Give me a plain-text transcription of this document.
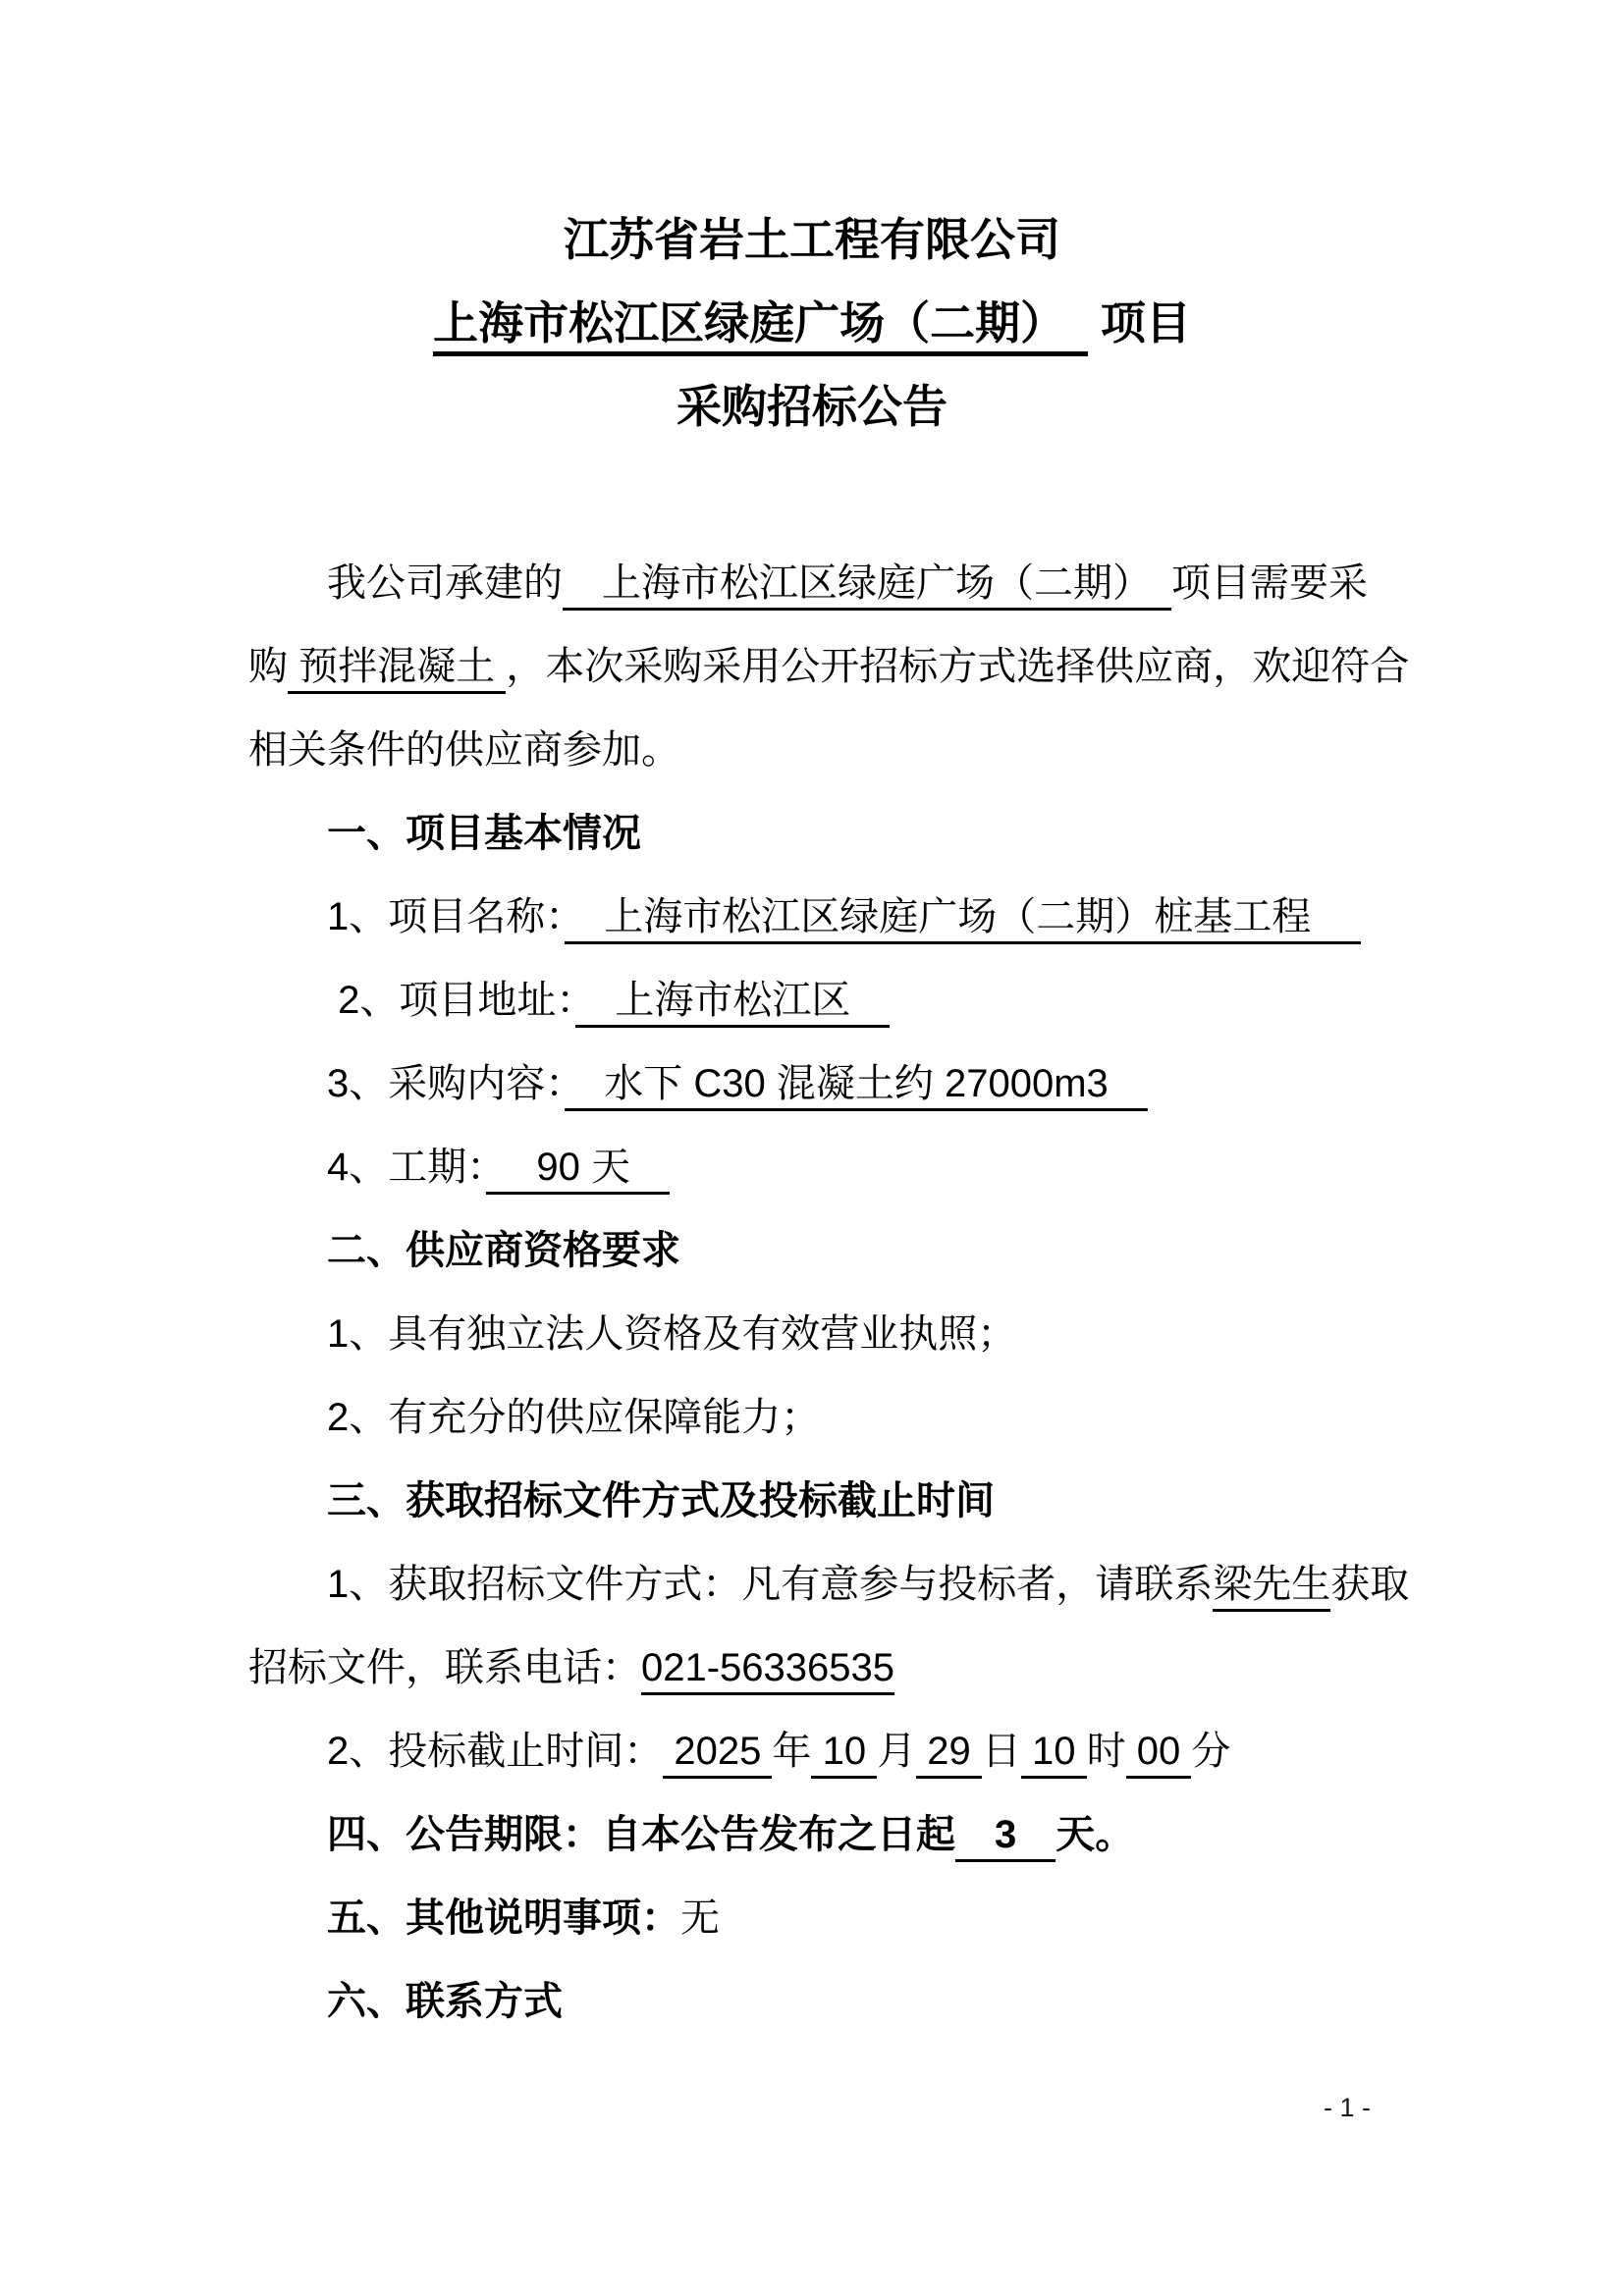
江苏省岩土工程有限公司
上海市松江区绿庭广场（二期）　 项目
采购招标公告
我公司承建的　上海市松江区绿庭广场（二期）　项目需要采
购 预拌混凝土 ，本次采购采用公开招标方式选择供应商，欢迎符合
相关条件的供应商参加。
一、项目基本情况
1、项目名称：　上海市松江区绿庭广场（二期）桩基工程　
2、项目地址：　上海市松江区　
3、采购内容：　水下 C30 混凝土约 27000m3　
4、工期：　 90 天　
二、供应商资格要求
1、具有独立法人资格及有效营业执照；
2、有充分的供应保障能力；
三、获取招标文件方式及投标截止时间
1、获取招标文件方式：凡有意参与投标者，请联系梁先生获取
招标文件，联系电话：021-56336535
2、投标截止时间： 2025 年 10 月 29 日 10 时 00 分
四、公告期限：自本公告发布之日起　3　天。
五、其他说明事项：无
六、联系方式
- 1 -
